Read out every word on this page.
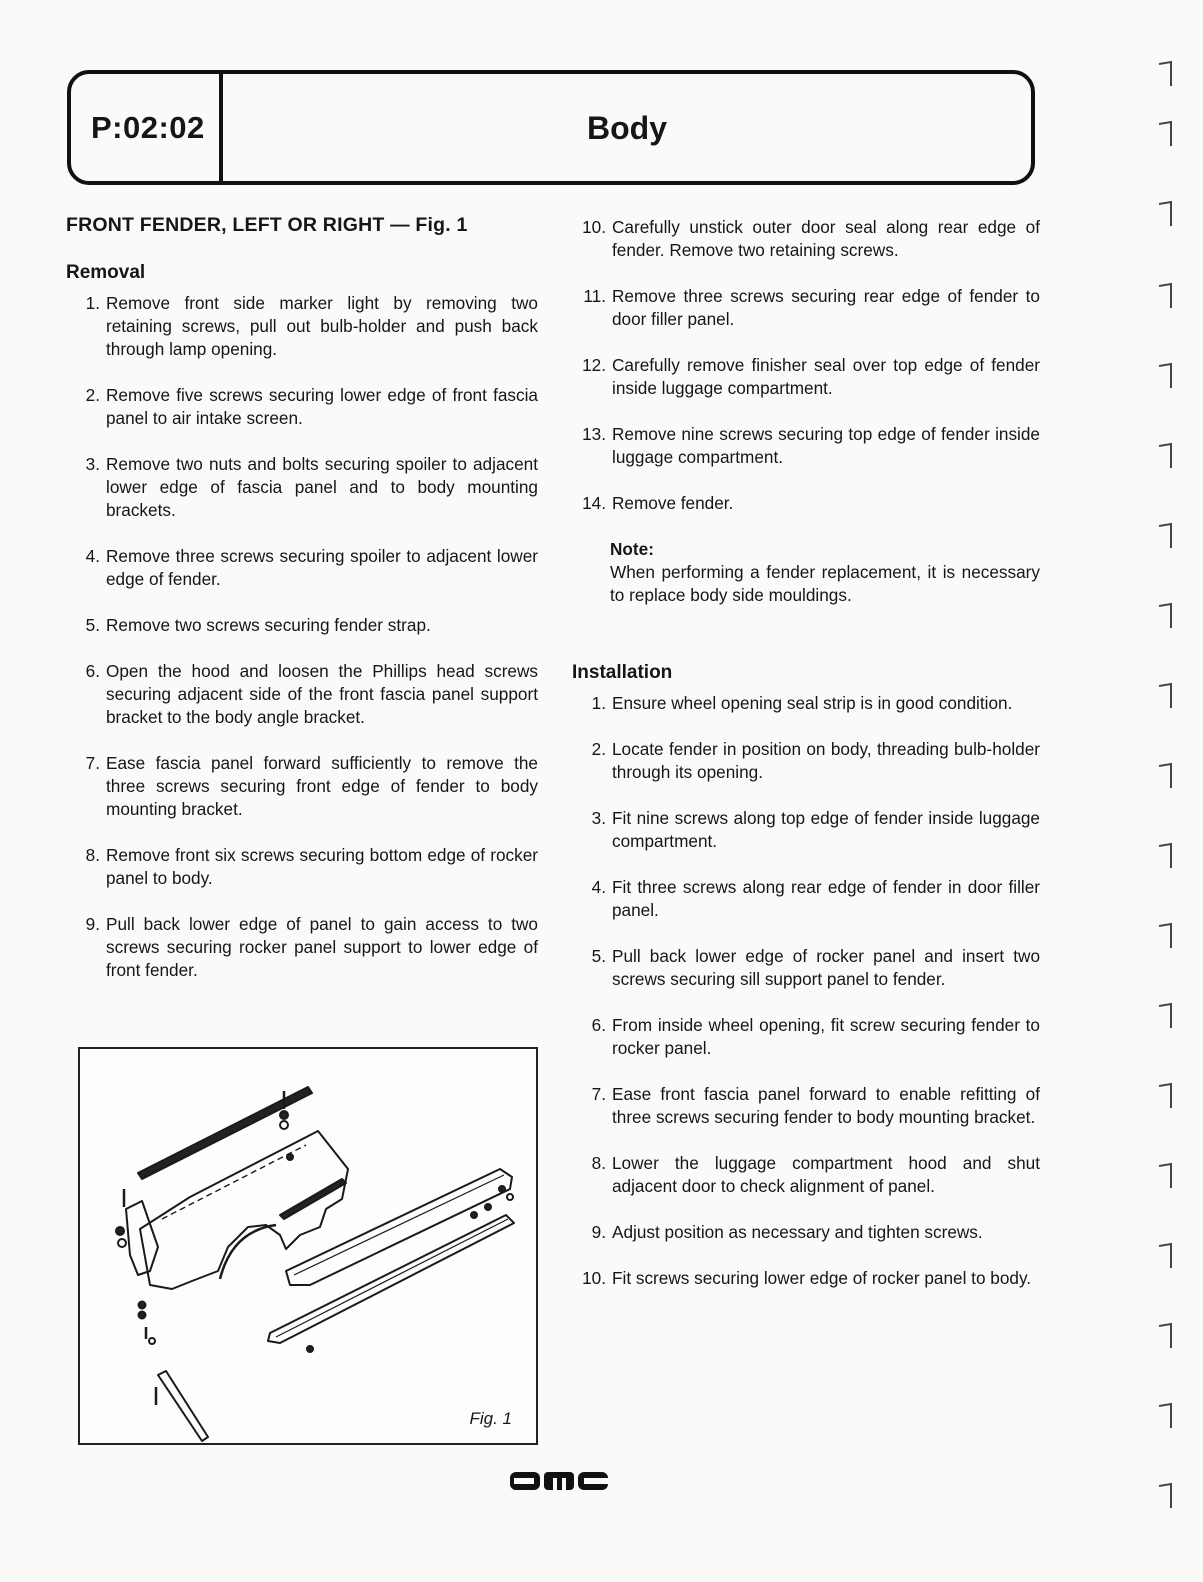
P:02:02	Body
FRONT FENDER, LEFT OR RIGHT — Fig. 1
Removal
1. Remove front side marker light by removing two retaining screws, pull out bulb-holder and push back through lamp opening.
2. Remove five screws securing lower edge of front fascia panel to air intake screen.
3. Remove two nuts and bolts securing spoiler to adjacent lower edge of fascia panel and to body mounting brackets.
4. Remove three screws securing spoiler to adjacent lower edge of fender.
5. Remove two screws securing fender strap.
6. Open the hood and loosen the Phillips head screws securing adjacent side of the front fascia panel support bracket to the body angle bracket.
7. Ease fascia panel forward sufficiently to remove the three screws securing front edge of fender to body mounting bracket.
8. Remove front six screws securing bottom edge of rocker panel to body.
9. Pull back lower edge of panel to gain access to two screws securing rocker panel support to lower edge of front fender.
10. Carefully unstick outer door seal along rear edge of fender. Remove two retaining screws.
11. Remove three screws securing rear edge of fender to door filler panel.
12. Carefully remove finisher seal over top edge of fender inside luggage compartment.
13. Remove nine screws securing top edge of fender inside luggage compartment.
14. Remove fender.
Note:
When performing a fender replacement, it is necessary to replace body side mouldings.
Installation
1. Ensure wheel opening seal strip is in good condition.
2. Locate fender in position on body, threading bulb-holder through its opening.
3. Fit nine screws along top edge of fender inside luggage compartment.
4. Fit three screws along rear edge of fender in door filler panel.
5. Pull back lower edge of rocker panel and insert two screws securing sill support panel to fender.
6. From inside wheel opening, fit screw securing fender to rocker panel.
7. Ease front fascia panel forward to enable refitting of three screws securing fender to body mounting bracket.
8. Lower the luggage compartment hood and shut adjacent door to check alignment of panel.
9. Adjust position as necessary and tighten screws.
10. Fit screws securing lower edge of rocker panel to body.
Fig. 1
